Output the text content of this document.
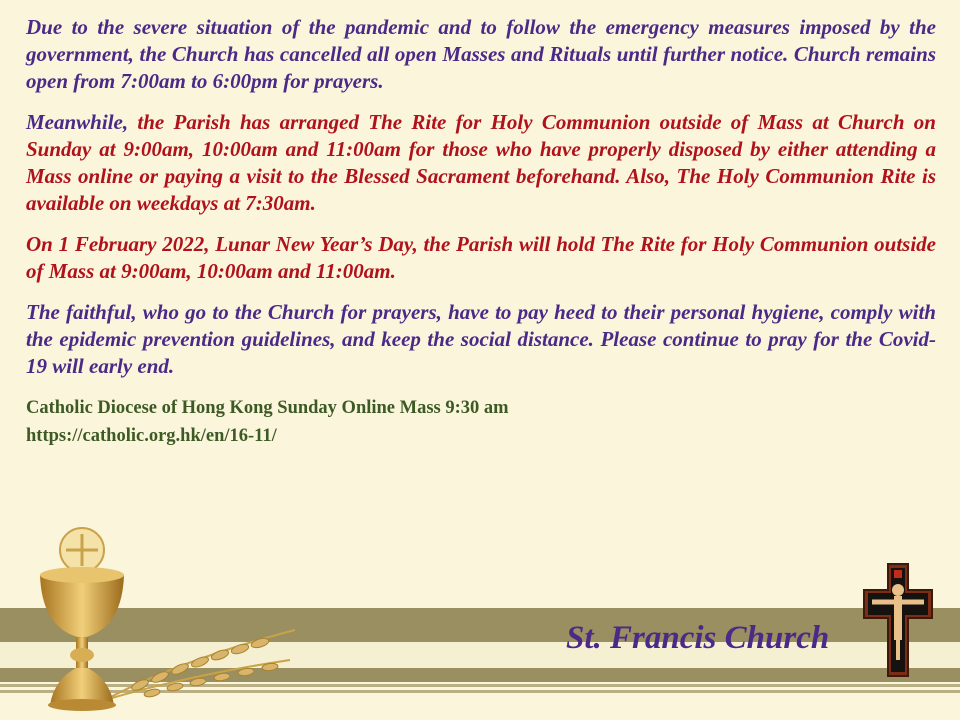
Due to the severe situation of the pandemic and to follow the emergency measures imposed by the government, the Church has cancelled all open Masses and Rituals until further notice. Church remains open from 7:00am to 6:00pm for prayers.

Meanwhile, the Parish has arranged The Rite for Holy Communion outside of Mass at Church on Sunday at 9:00am, 10:00am and 11:00am for those who have properly disposed by either attending a Mass online or paying a visit to the Blessed Sacrament beforehand. Also, The Holy Communion Rite is available on weekdays at 7:30am.

On 1 February 2022, Lunar New Year’s Day, the Parish will hold The Rite for Holy Communion outside of Mass at 9:00am, 10:00am and 11:00am.

The faithful, who go to the Church for prayers, have to pay heed to their personal hygiene, comply with the epidemic prevention guidelines, and keep the social distance. Please continue to pray for the Covid-19 will early end.

Catholic Diocese of Hong Kong Sunday Online Mass 9:30 am
https://catholic.org.hk/en/16-11/
St. Francis Church
